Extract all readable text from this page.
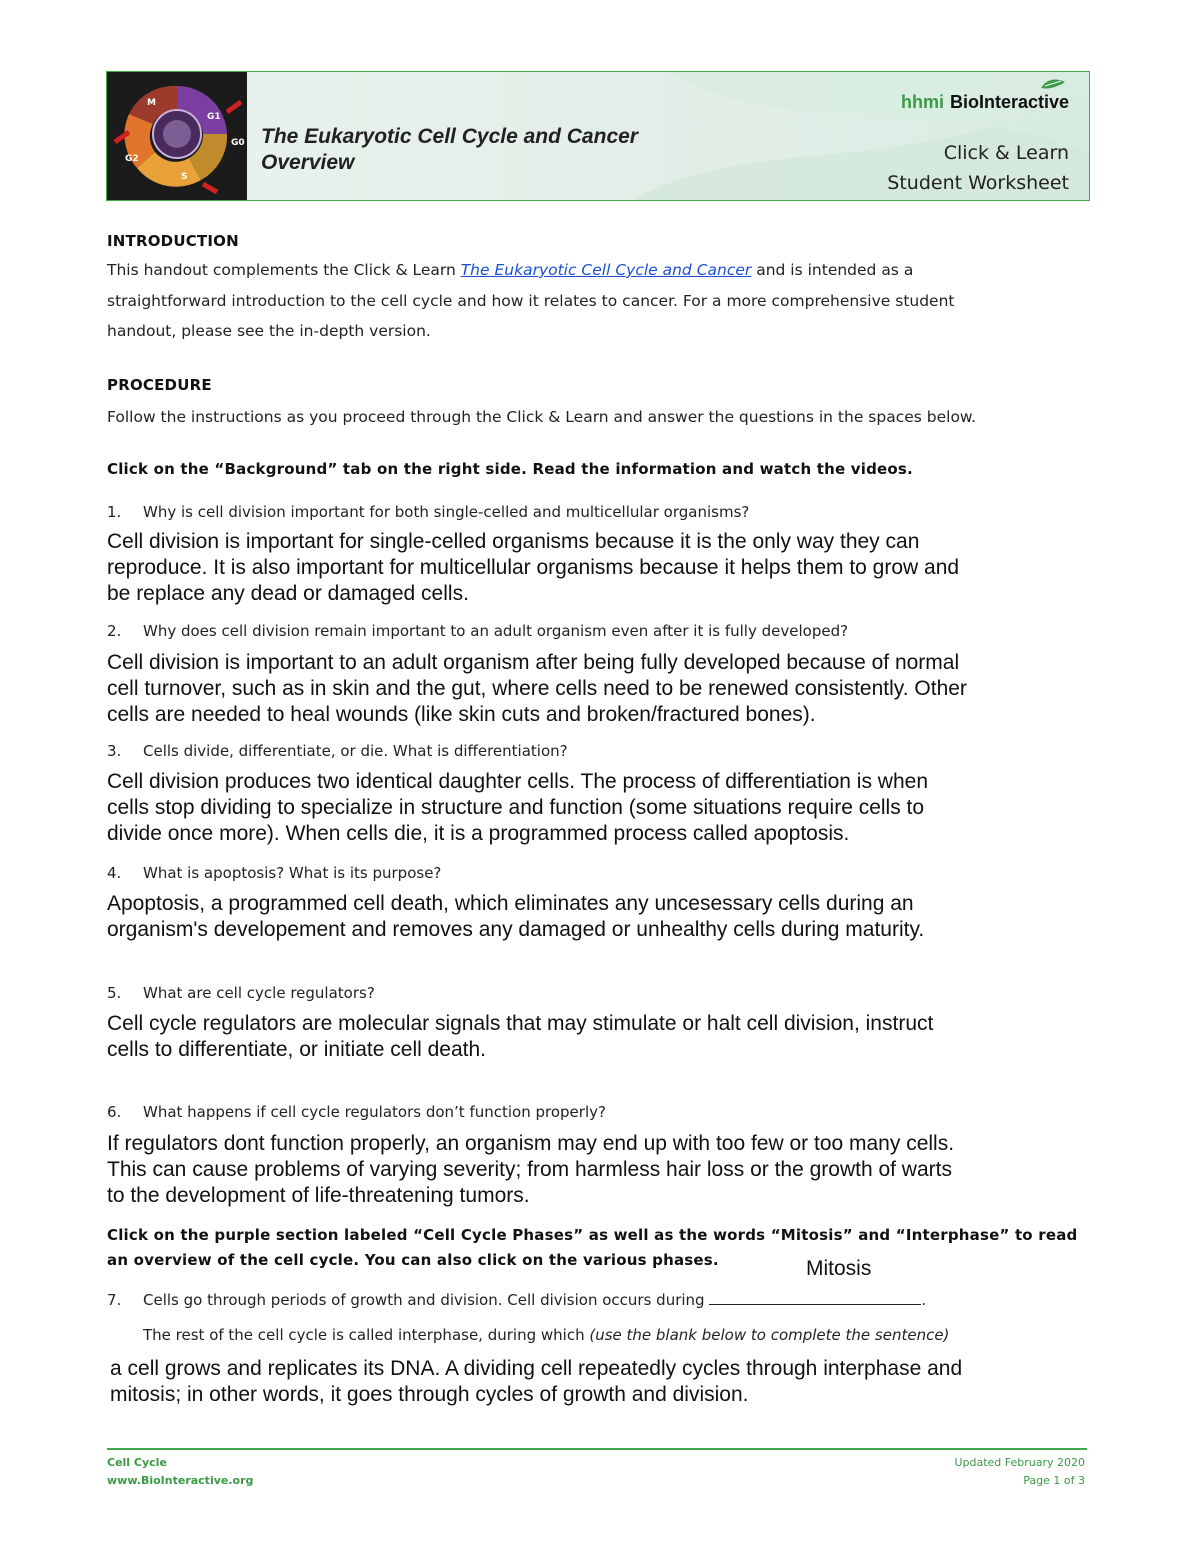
M
G1
G0
S
G2
The Eukaryotic Cell Cycle and Cancer
Overview
hhmi BioInteractive
Click & Learn
Student Worksheet
INTRODUCTION
This handout complements the Click & Learn The Eukaryotic Cell Cycle and Cancer and is intended as a
straightforward introduction to the cell cycle and how it relates to cancer. For a more comprehensive student
handout, please see the in-depth version.
PROCEDURE
Follow the instructions as you proceed through the Click & Learn and answer the questions in the spaces below.
Click on the “Background” tab on the right side. Read the information and watch the videos.
1. Why is cell division important for both single-celled and multicellular organisms?
Cell division is important for single-celled organisms because it is the only way they can
reproduce. It is also important for multicellular organisms because it helps them to grow and
be replace any dead or damaged cells.
2. Why does cell division remain important to an adult organism even after it is fully developed?
Cell division is important to an adult organism after being fully developed because of normal
cell turnover, such as in skin and the gut, where cells need to be renewed consistently. Other
cells are needed to heal wounds (like skin cuts and broken/fractured bones).
3. Cells divide, differentiate, or die. What is differentiation?
Cell division produces two identical daughter cells. The process of differentiation is when
cells stop dividing to specialize in structure and function (some situations require cells to
divide once more). When cells die, it is a programmed process called apoptosis.
4. What is apoptosis? What is its purpose?
Apoptosis, a programmed cell death, which eliminates any uncesessary cells during an
organism's developement and removes any damaged or unhealthy cells during maturity.
5. What are cell cycle regulators?
Cell cycle regulators are molecular signals that may stimulate or halt cell division, instruct
cells to differentiate, or initiate cell death.
6. What happens if cell cycle regulators don’t function properly?
If regulators dont function properly, an organism may end up with too few or too many cells.
This can cause problems of varying severity; from harmless hair loss or the growth of warts
to the development of life-threatening tumors.
Click on the purple section labeled “Cell Cycle Phases” as well as the words “Mitosis” and “Interphase” to read
an overview of the cell cycle. You can also click on the various phases.	Mitosis
7. Cells go through periods of growth and division. Cell division occurs during	.
The rest of the cell cycle is called interphase, during which (use the blank below to complete the sentence)
a cell grows and replicates its DNA. A dividing cell repeatedly cycles through interphase and
mitosis; in other words, it goes through cycles of growth and division.
Cell Cycle
www.BioInteractive.org
Updated February 2020
Page 1 of 3
